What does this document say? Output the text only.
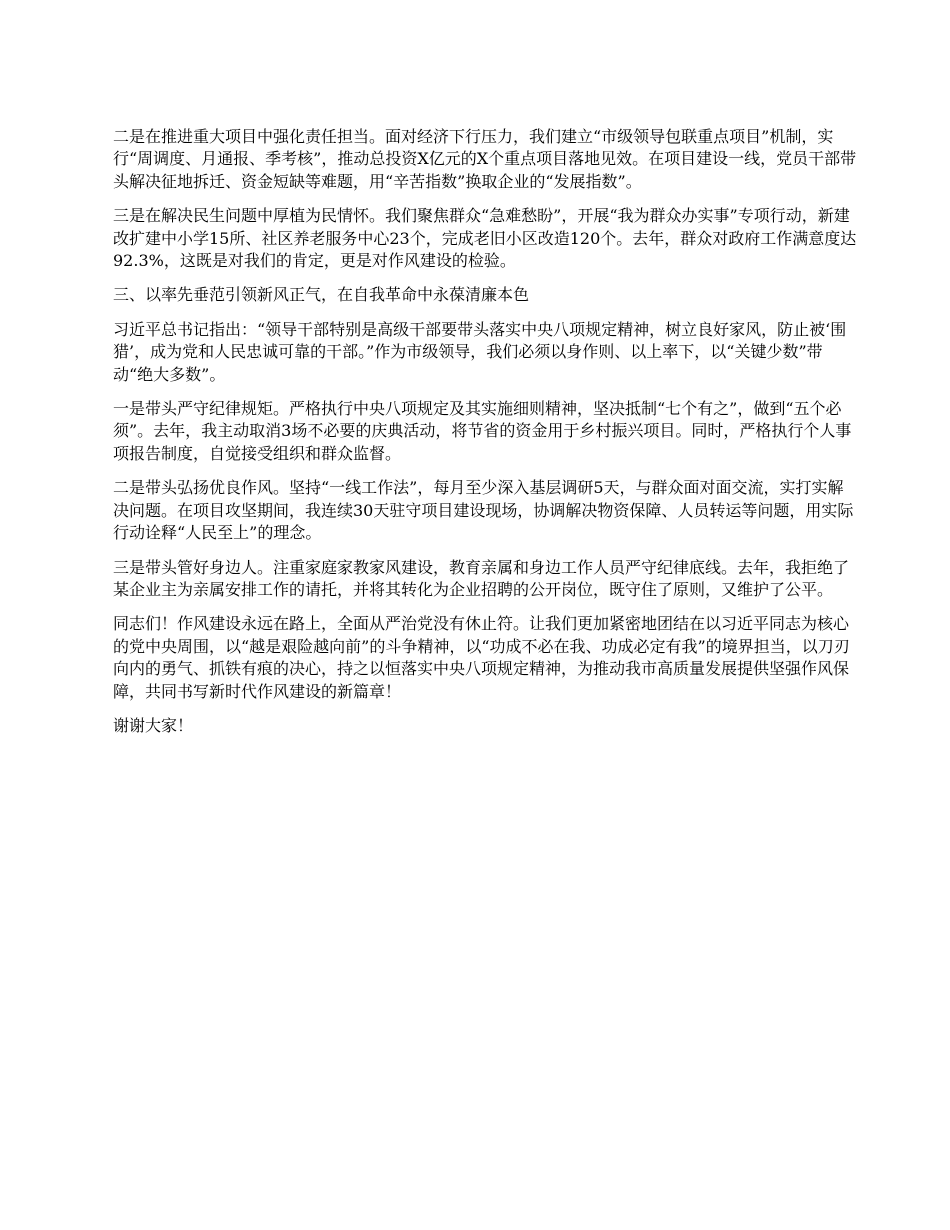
二是在推进重大项目中强化责任担当。面对经济下行压力，我们建立“市级领导包联重点项目”机制，实行“周调度、月通报、季考核”，推动总投资X亿元的X个重点项目落地见效。在项目建设一线，党员干部带头解决征地拆迁、资金短缺等难题，用“辛苦指数”换取企业的“发展指数”。

三是在解决民生问题中厚植为民情怀。我们聚焦群众“急难愁盼”，开展“我为群众办实事”专项行动，新建改扩建中小学15所、社区养老服务中心23个，完成老旧小区改造120个。去年，群众对政府工作满意度达92.3%，这既是对我们的肯定，更是对作风建设的检验。

三、以率先垂范引领新风正气，在自我革命中永葆清廉本色

习近平总书记指出：“领导干部特别是高级干部要带头落实中央八项规定精神，树立良好家风，防止被‘围猎’，成为党和人民忠诚可靠的干部。”作为市级领导，我们必须以身作则、以上率下，以“关键少数”带动“绝大多数”。

一是带头严守纪律规矩。严格执行中央八项规定及其实施细则精神，坚决抵制“七个有之”，做到“五个必须”。去年，我主动取消3场不必要的庆典活动，将节省的资金用于乡村振兴项目。同时，严格执行个人事项报告制度，自觉接受组织和群众监督。

二是带头弘扬优良作风。坚持“一线工作法”，每月至少深入基层调研5天，与群众面对面交流，实打实解决问题。在项目攻坚期间，我连续30天驻守项目建设现场，协调解决物资保障、人员转运等问题，用实际行动诠释“人民至上”的理念。

三是带头管好身边人。注重家庭家教家风建设，教育亲属和身边工作人员严守纪律底线。去年，我拒绝了某企业主为亲属安排工作的请托，并将其转化为企业招聘的公开岗位，既守住了原则，又维护了公平。

同志们！作风建设永远在路上，全面从严治党没有休止符。让我们更加紧密地团结在以习近平同志为核心的党中央周围，以“越是艰险越向前”的斗争精神，以“功成不必在我、功成必定有我”的境界担当，以刀刃向内的勇气、抓铁有痕的决心，持之以恒落实中央八项规定精神，为推动我市高质量发展提供坚强作风保障，共同书写新时代作风建设的新篇章！

谢谢大家！
